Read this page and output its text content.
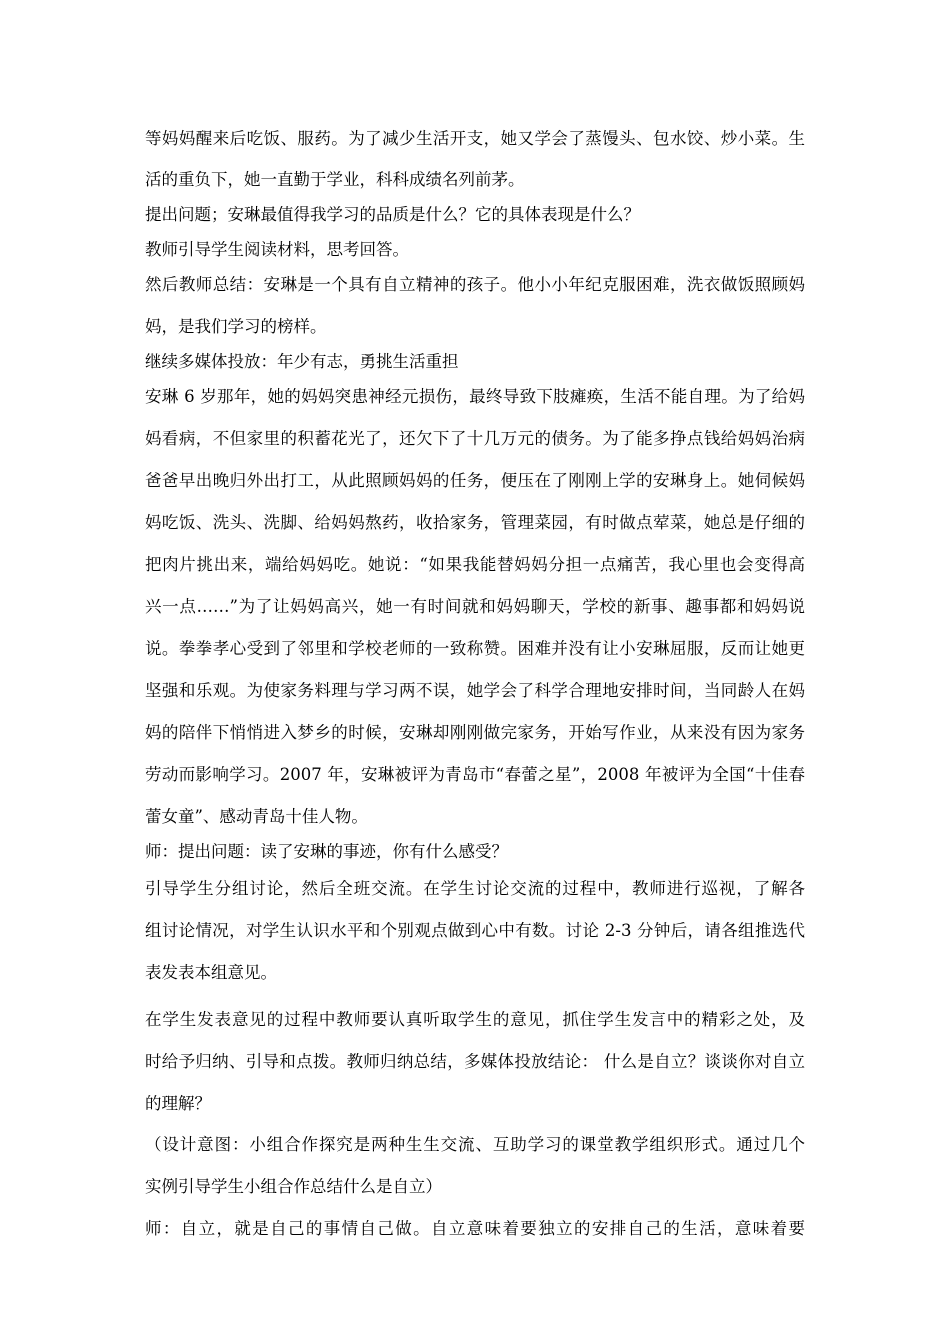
等妈妈醒来后吃饭、服药。为了减少生活开支，她又学会了蒸馒头、包水饺、炒小菜。生
活的重负下，她一直勤于学业，科科成绩名列前茅。
提出问题；安琳最值得我学习的品质是什么？它的具体表现是什么？
教师引导学生阅读材料，思考回答。
然后教师总结：安琳是一个具有自立精神的孩子。他小小年纪克服困难，洗衣做饭照顾妈
妈，是我们学习的榜样。
继续多媒体投放：年少有志，勇挑生活重担
安琳 6 岁那年，她的妈妈突患神经元损伤，最终导致下肢瘫痪，生活不能自理。为了给妈
妈看病，不但家里的积蓄花光了，还欠下了十几万元的债务。为了能多挣点钱给妈妈治病
爸爸早出晚归外出打工，从此照顾妈妈的任务，便压在了刚刚上学的安琳身上。她伺候妈
妈吃饭、洗头、洗脚、给妈妈熬药，收拾家务，管理菜园，有时做点荤菜，她总是仔细的
把肉片挑出来，端给妈妈吃。她说：“如果我能替妈妈分担一点痛苦，我心里也会变得高
兴一点……”为了让妈妈高兴，她一有时间就和妈妈聊天，学校的新事、趣事都和妈妈说
说。拳拳孝心受到了邻里和学校老师的一致称赞。困难并没有让小安琳屈服，反而让她更
坚强和乐观。为使家务料理与学习两不误，她学会了科学合理地安排时间，当同龄人在妈
妈的陪伴下悄悄进入梦乡的时候，安琳却刚刚做完家务，开始写作业，从来没有因为家务
劳动而影响学习。2007 年，安琳被评为青岛市“春蕾之星”，2008 年被评为全国“十佳春
蕾女童”、感动青岛十佳人物。
师：提出问题：读了安琳的事迹，你有什么感受？
引导学生分组讨论，然后全班交流。在学生讨论交流的过程中，教师进行巡视，了解各
组讨论情况，对学生认识水平和个别观点做到心中有数。讨论 2-3 分钟后，请各组推选代
表发表本组意见。
在学生发表意见的过程中教师要认真听取学生的意见，抓住学生发言中的精彩之处，及
时给予归纳、引导和点拨。教师归纳总结，多媒体投放结论： 什么是自立？谈谈你对自立
的理解？
（设计意图：小组合作探究是两种生生交流、互助学习的课堂教学组织形式。通过几个
实例引导学生小组合作总结什么是自立）
师：自立，就是自己的事情自己做。自立意味着要独立的安排自己的生活，意味着要
